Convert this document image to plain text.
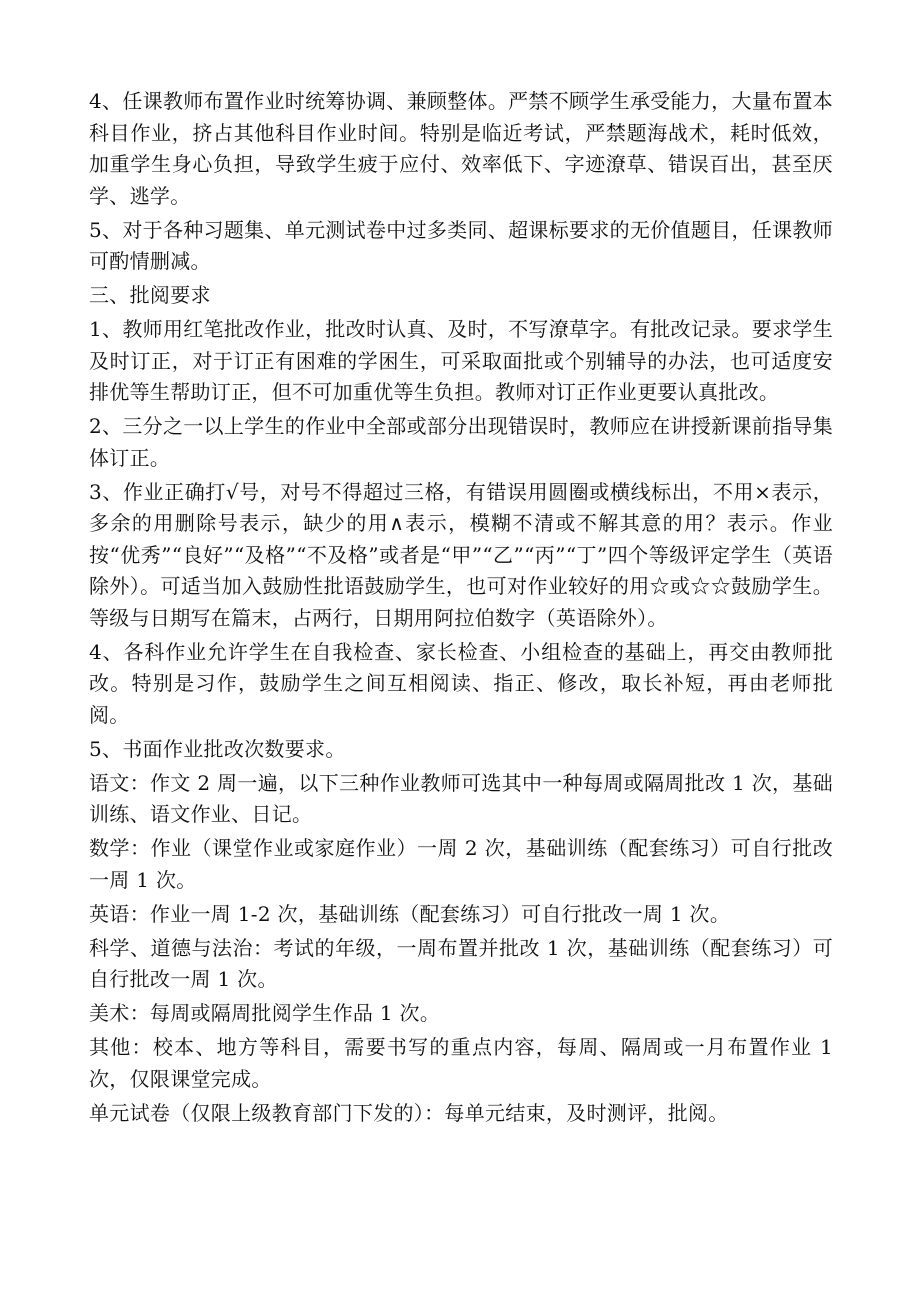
4、任课教师布置作业时统筹协调、兼顾整体。严禁不顾学生承受能力，大量布置本科目作业，挤占其他科目作业时间。特别是临近考试，严禁题海战术，耗时低效，加重学生身心负担，导致学生疲于应付、效率低下、字迹潦草、错误百出，甚至厌学、逃学。

5、对于各种习题集、单元测试卷中过多类同、超课标要求的无价值题目，任课教师可酌情删减。

三、批阅要求

1、教师用红笔批改作业，批改时认真、及时，不写潦草字。有批改记录。要求学生及时订正，对于订正有困难的学困生，可采取面批或个别辅导的办法，也可适度安排优等生帮助订正，但不可加重优等生负担。教师对订正作业更要认真批改。

2、三分之一以上学生的作业中全部或部分出现错误时，教师应在讲授新课前指导集体订正。

3、作业正确打√号，对号不得超过三格，有错误用圆圈或横线标出，不用×表示，多余的用删除号表示，缺少的用∧表示，模糊不清或不解其意的用？表示。作业按“优秀”“良好”“及格”“不及格”或者是“甲”“乙”“丙”“丁”四个等级评定学生（英语除外）。可适当加入鼓励性批语鼓励学生，也可对作业较好的用☆或☆☆鼓励学生。等级与日期写在篇末，占两行，日期用阿拉伯数字（英语除外）。

4、各科作业允许学生在自我检查、家长检查、小组检查的基础上，再交由教师批改。特别是习作，鼓励学生之间互相阅读、指正、修改，取长补短，再由老师批阅。

5、书面作业批改次数要求。

语文：作文 2 周一遍，以下三种作业教师可选其中一种每周或隔周批改 1 次，基础训练、语文作业、日记。

数学：作业（课堂作业或家庭作业）一周 2 次，基础训练（配套练习）可自行批改一周 1 次。

英语：作业一周 1-2 次，基础训练（配套练习）可自行批改一周 1 次。

科学、道德与法治：考试的年级，一周布置并批改 1 次，基础训练（配套练习）可自行批改一周 1 次。

美术：每周或隔周批阅学生作品 1 次。

其他：校本、地方等科目，需要书写的重点内容，每周、隔周或一月布置作业 1 次，仅限课堂完成。

单元试卷（仅限上级教育部门下发的）：每单元结束，及时测评，批阅。
